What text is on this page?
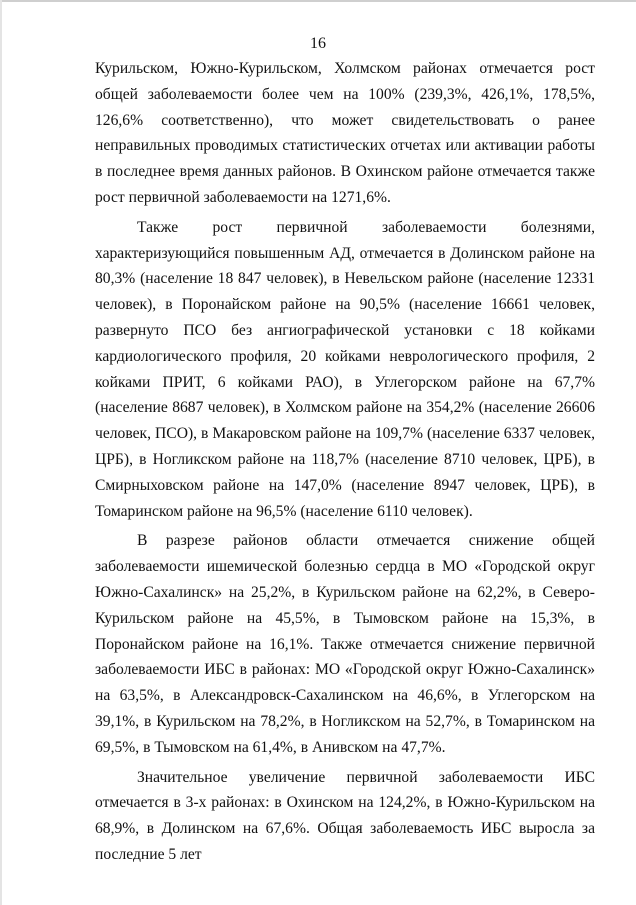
16

Курильском, Южно-Курильском, Холмском районах отмечается рост общей заболеваемости более чем на 100% (239,3%, 426,1%, 178,5%, 126,6% соответственно), что может свидетельствовать о ранее неправильных проводимых статистических отчетах или активации работы в последнее время данных районов. В Охинском районе отмечается также рост первичной заболеваемости на 1271,6%.

Также рост первичной заболеваемости болезнями, характеризующийся повышенным АД, отмечается в Долинском районе на 80,3% (население 18 847 человек), в Невельском районе (население 12331 человек), в Поронайском районе на 90,5% (население 16661 человек, развернуто ПСО без ангиографической установки с 18 койками кардиологического профиля, 20 койками неврологического профиля, 2 койками ПРИТ, 6 койками РАО), в Углегорском районе на 67,7% (население 8687 человек), в Холмском районе на 354,2% (население 26606 человек, ПСО), в Макаровском районе на 109,7% (население 6337 человек, ЦРБ), в Ногликском районе на 118,7% (население 8710 человек, ЦРБ), в Смирныховском районе на 147,0% (население 8947 человек, ЦРБ), в Томаринском районе на 96,5% (население 6110 человек).

В разрезе районов области отмечается снижение общей заболеваемости ишемической болезнью сердца в МО «Городской округ Южно-Сахалинск» на 25,2%, в Курильском районе на 62,2%, в Северо-Курильском районе на 45,5%, в Тымовском районе на 15,3%, в Поронайском районе на 16,1%. Также отмечается снижение первичной заболеваемости ИБС в районах: МО «Городской округ Южно-Сахалинск» на 63,5%, в Александровск-Сахалинском на 46,6%, в Углегорском на 39,1%, в Курильском на 78,2%, в Ногликском на 52,7%, в Томаринском на 69,5%, в Тымовском на 61,4%, в Анивском на 47,7%.

Значительное увеличение первичной заболеваемости ИБС отмечается в 3-х районах: в Охинском на 124,2%, в Южно-Курильском на 68,9%, в Долинском на 67,6%. Общая заболеваемость ИБС выросла за последние 5 лет
